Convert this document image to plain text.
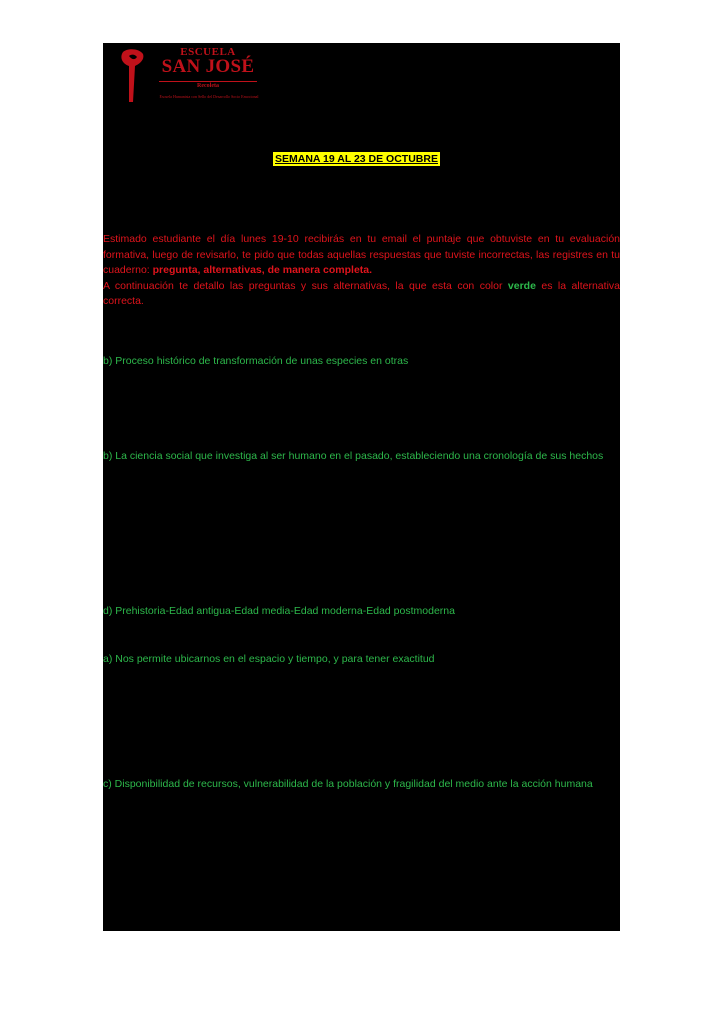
ESCUELA
SAN JOSÉ
Recoleta
Escuela Humanista con Sello del Desarrollo Socio Emocional
SEMANA 19 AL 23 DE OCTUBRE
Estimado estudiante el día lunes 19-10 recibirás en tu email el puntaje que obtuviste en tu evaluación formativa, luego de revisarlo, te pido que todas aquellas respuestas que tuviste incorrectas, las registres en tu cuaderno: pregunta, alternativas, de manera completa.
A continuación te detallo las preguntas y sus alternativas, la que esta con color verde es la alternativa correcta.
b) Proceso histórico de transformación de unas especies en otras
b) La ciencia social que investiga al ser humano en el pasado, estableciendo una cronología de sus hechos
d) Prehistoria-Edad antigua-Edad media-Edad moderna-Edad postmoderna
a) Nos permite ubicarnos en el espacio y tiempo, y para tener exactitud
c) Disponibilidad de recursos, vulnerabilidad de la población y fragilidad del medio ante la acción humana
